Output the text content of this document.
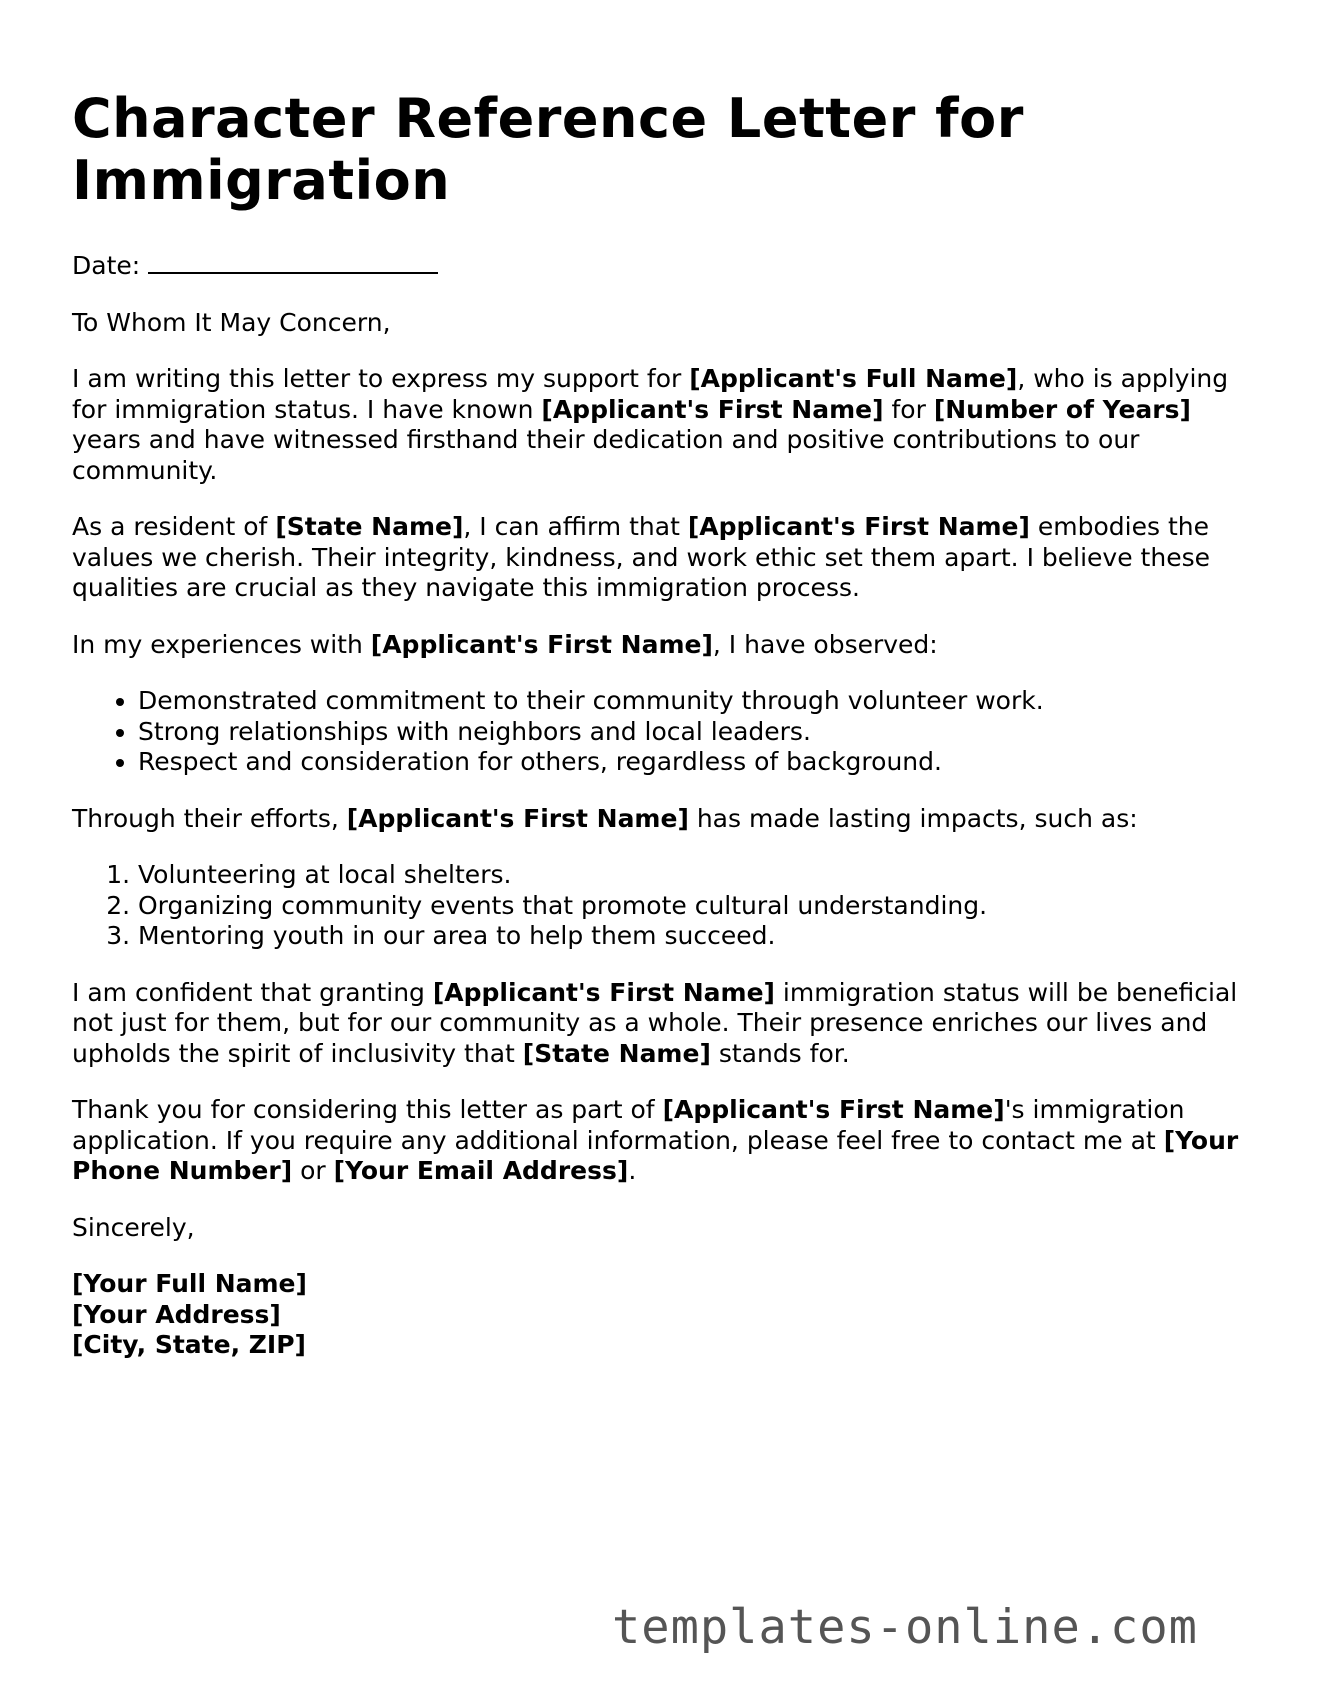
Character Reference Letter for Immigration

Date:

To Whom It May Concern,

I am writing this letter to express my support for [Applicant's Full Name], who is applying for immigration status. I have known [Applicant's First Name] for [Number of Years] years and have witnessed firsthand their dedication and positive contributions to our community.

As a resident of [State Name], I can affirm that [Applicant's First Name] embodies the values we cherish. Their integrity, kindness, and work ethic set them apart. I believe these qualities are crucial as they navigate this immigration process.

In my experiences with [Applicant's First Name], I have observed:

• Demonstrated commitment to their community through volunteer work.
• Strong relationships with neighbors and local leaders.
• Respect and consideration for others, regardless of background.

Through their efforts, [Applicant's First Name] has made lasting impacts, such as:

1. Volunteering at local shelters.
2. Organizing community events that promote cultural understanding.
3. Mentoring youth in our area to help them succeed.

I am confident that granting [Applicant's First Name] immigration status will be beneficial not just for them, but for our community as a whole. Their presence enriches our lives and upholds the spirit of inclusivity that [State Name] stands for.

Thank you for considering this letter as part of [Applicant's First Name]'s immigration application. If you require any additional information, please feel free to contact me at [Your Phone Number] or [Your Email Address].

Sincerely,

[Your Full Name]

[Your Address]

[City, State, ZIP]

templates-online.com
